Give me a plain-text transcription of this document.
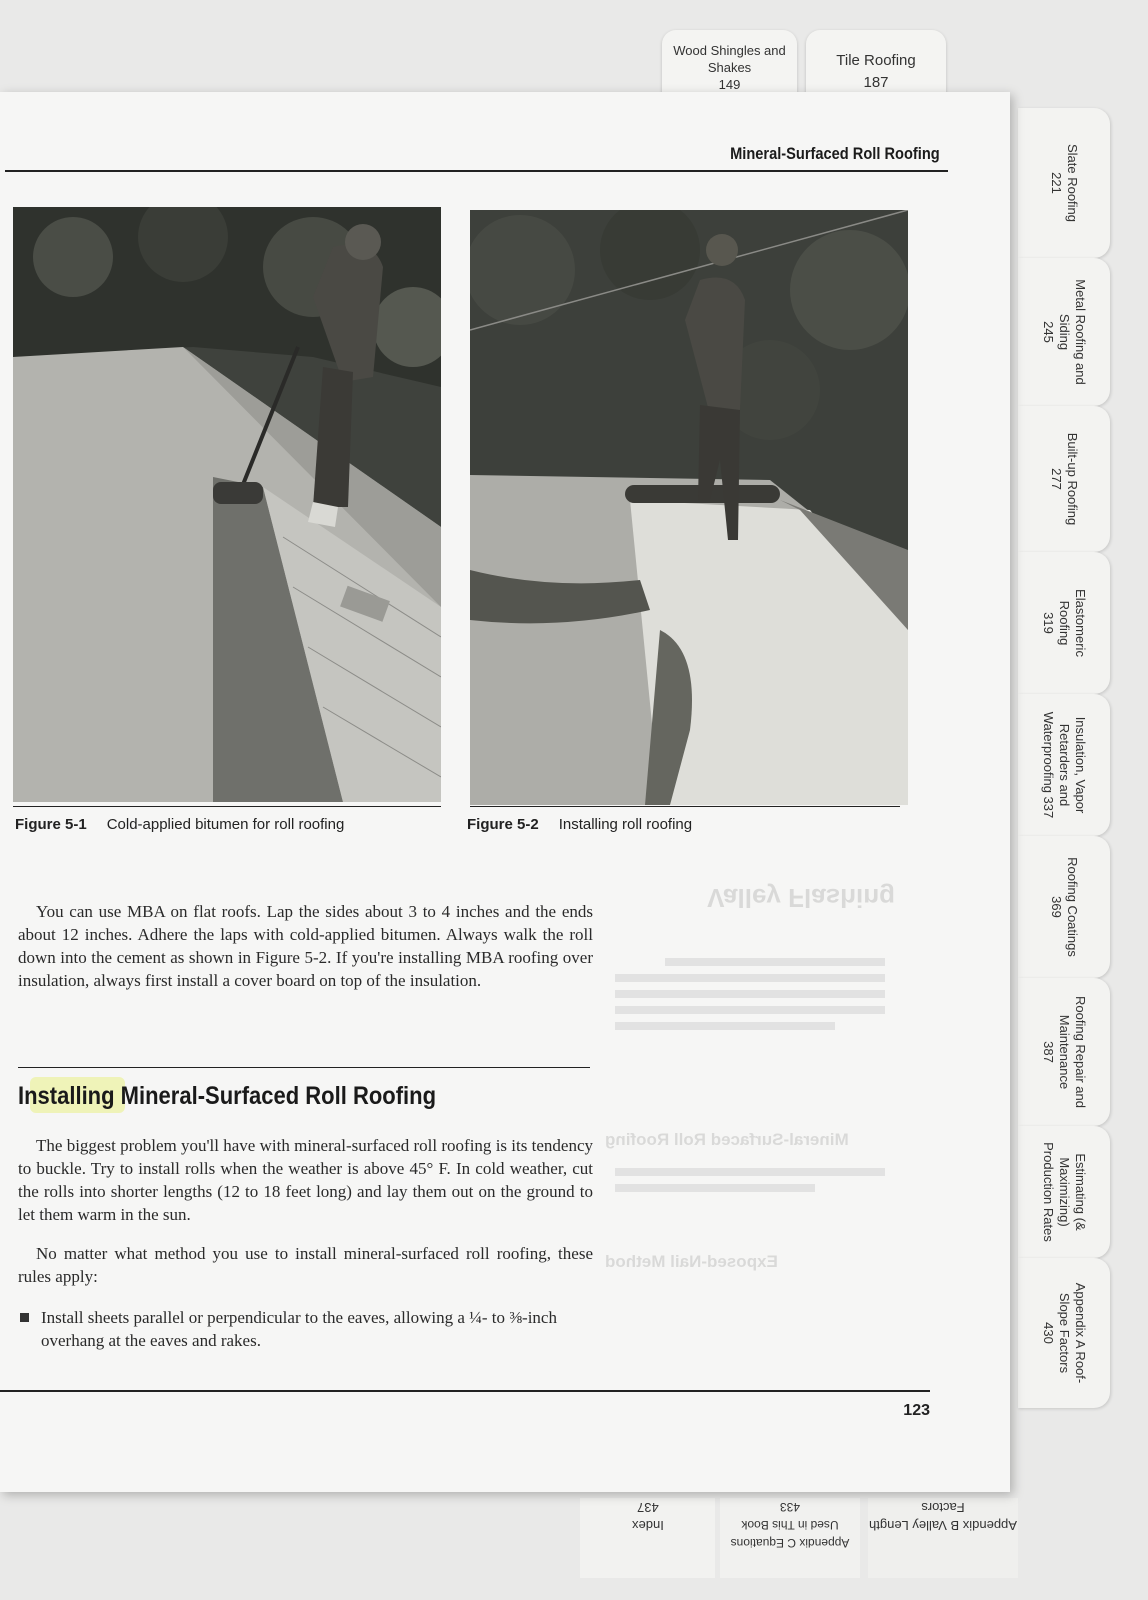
Wood Shingles and Shakes
149
Tile Roofing
187
Slate Roofing
221
Metal Roofing and Siding
245
Built-up Roofing
277
Elastomeric Roofing
319
Insulation, Vapor Retarders and Waterproofing 337
Roofing Coatings
369
Roofing Repair and Maintenance
387
Estimating (& Maximizing) Production Rates
Appendix A Roof-Slope Factors
430
Appendix B Valley Length Factors
Appendix C Equations Used in This Book
433
Index
437
Mineral-Surfaced Roll Roofing
Figure 5-1 Cold-applied bitumen for roll roofing	Figure 5-2 Installing roll roofing
Valley Flashing
Mineral-Surfaced Roll Roofing
Exposed-Nail Method

You can use MBA on flat roofs. Lap the sides about 3 to 4 inches and the ends about 12 inches. Adhere the laps with cold-applied bitumen. Always walk the roll down into the cement as shown in Figure 5-2. If you're installing MBA roofing over insulation, always first install a cover board on top of the insulation.

Installing Mineral-Surfaced Roll Roofing

The biggest problem you'll have with mineral-surfaced roll roofing is its tendency to buckle. Try to install rolls when the weather is above 45° F. In cold weather, cut the rolls into shorter lengths (12 to 18 feet long) and lay them out on the ground to let them warm in the sun.

No matter what method you use to install mineral-surfaced roll roofing, these rules apply:

Install sheets parallel or perpendicular to the eaves, allowing a ¼- to ⅜-inch overhang at the eaves and rakes.
123
